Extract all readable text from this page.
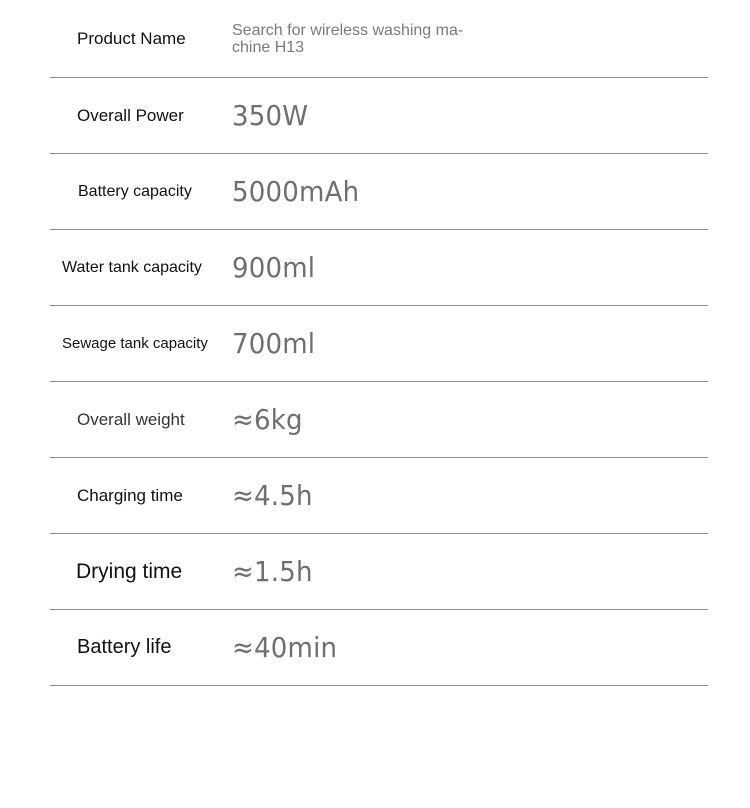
Product Name	Search for wireless washing ma- chine H13
Overall Power 350W
Battery capacity 5000mAh
Water tank capacity 900ml
Sewage tank capacity 700ml
Overall weight ≈6kg
Charging time ≈4.5h
Drying time ≈1.5h
Battery life ≈40min
